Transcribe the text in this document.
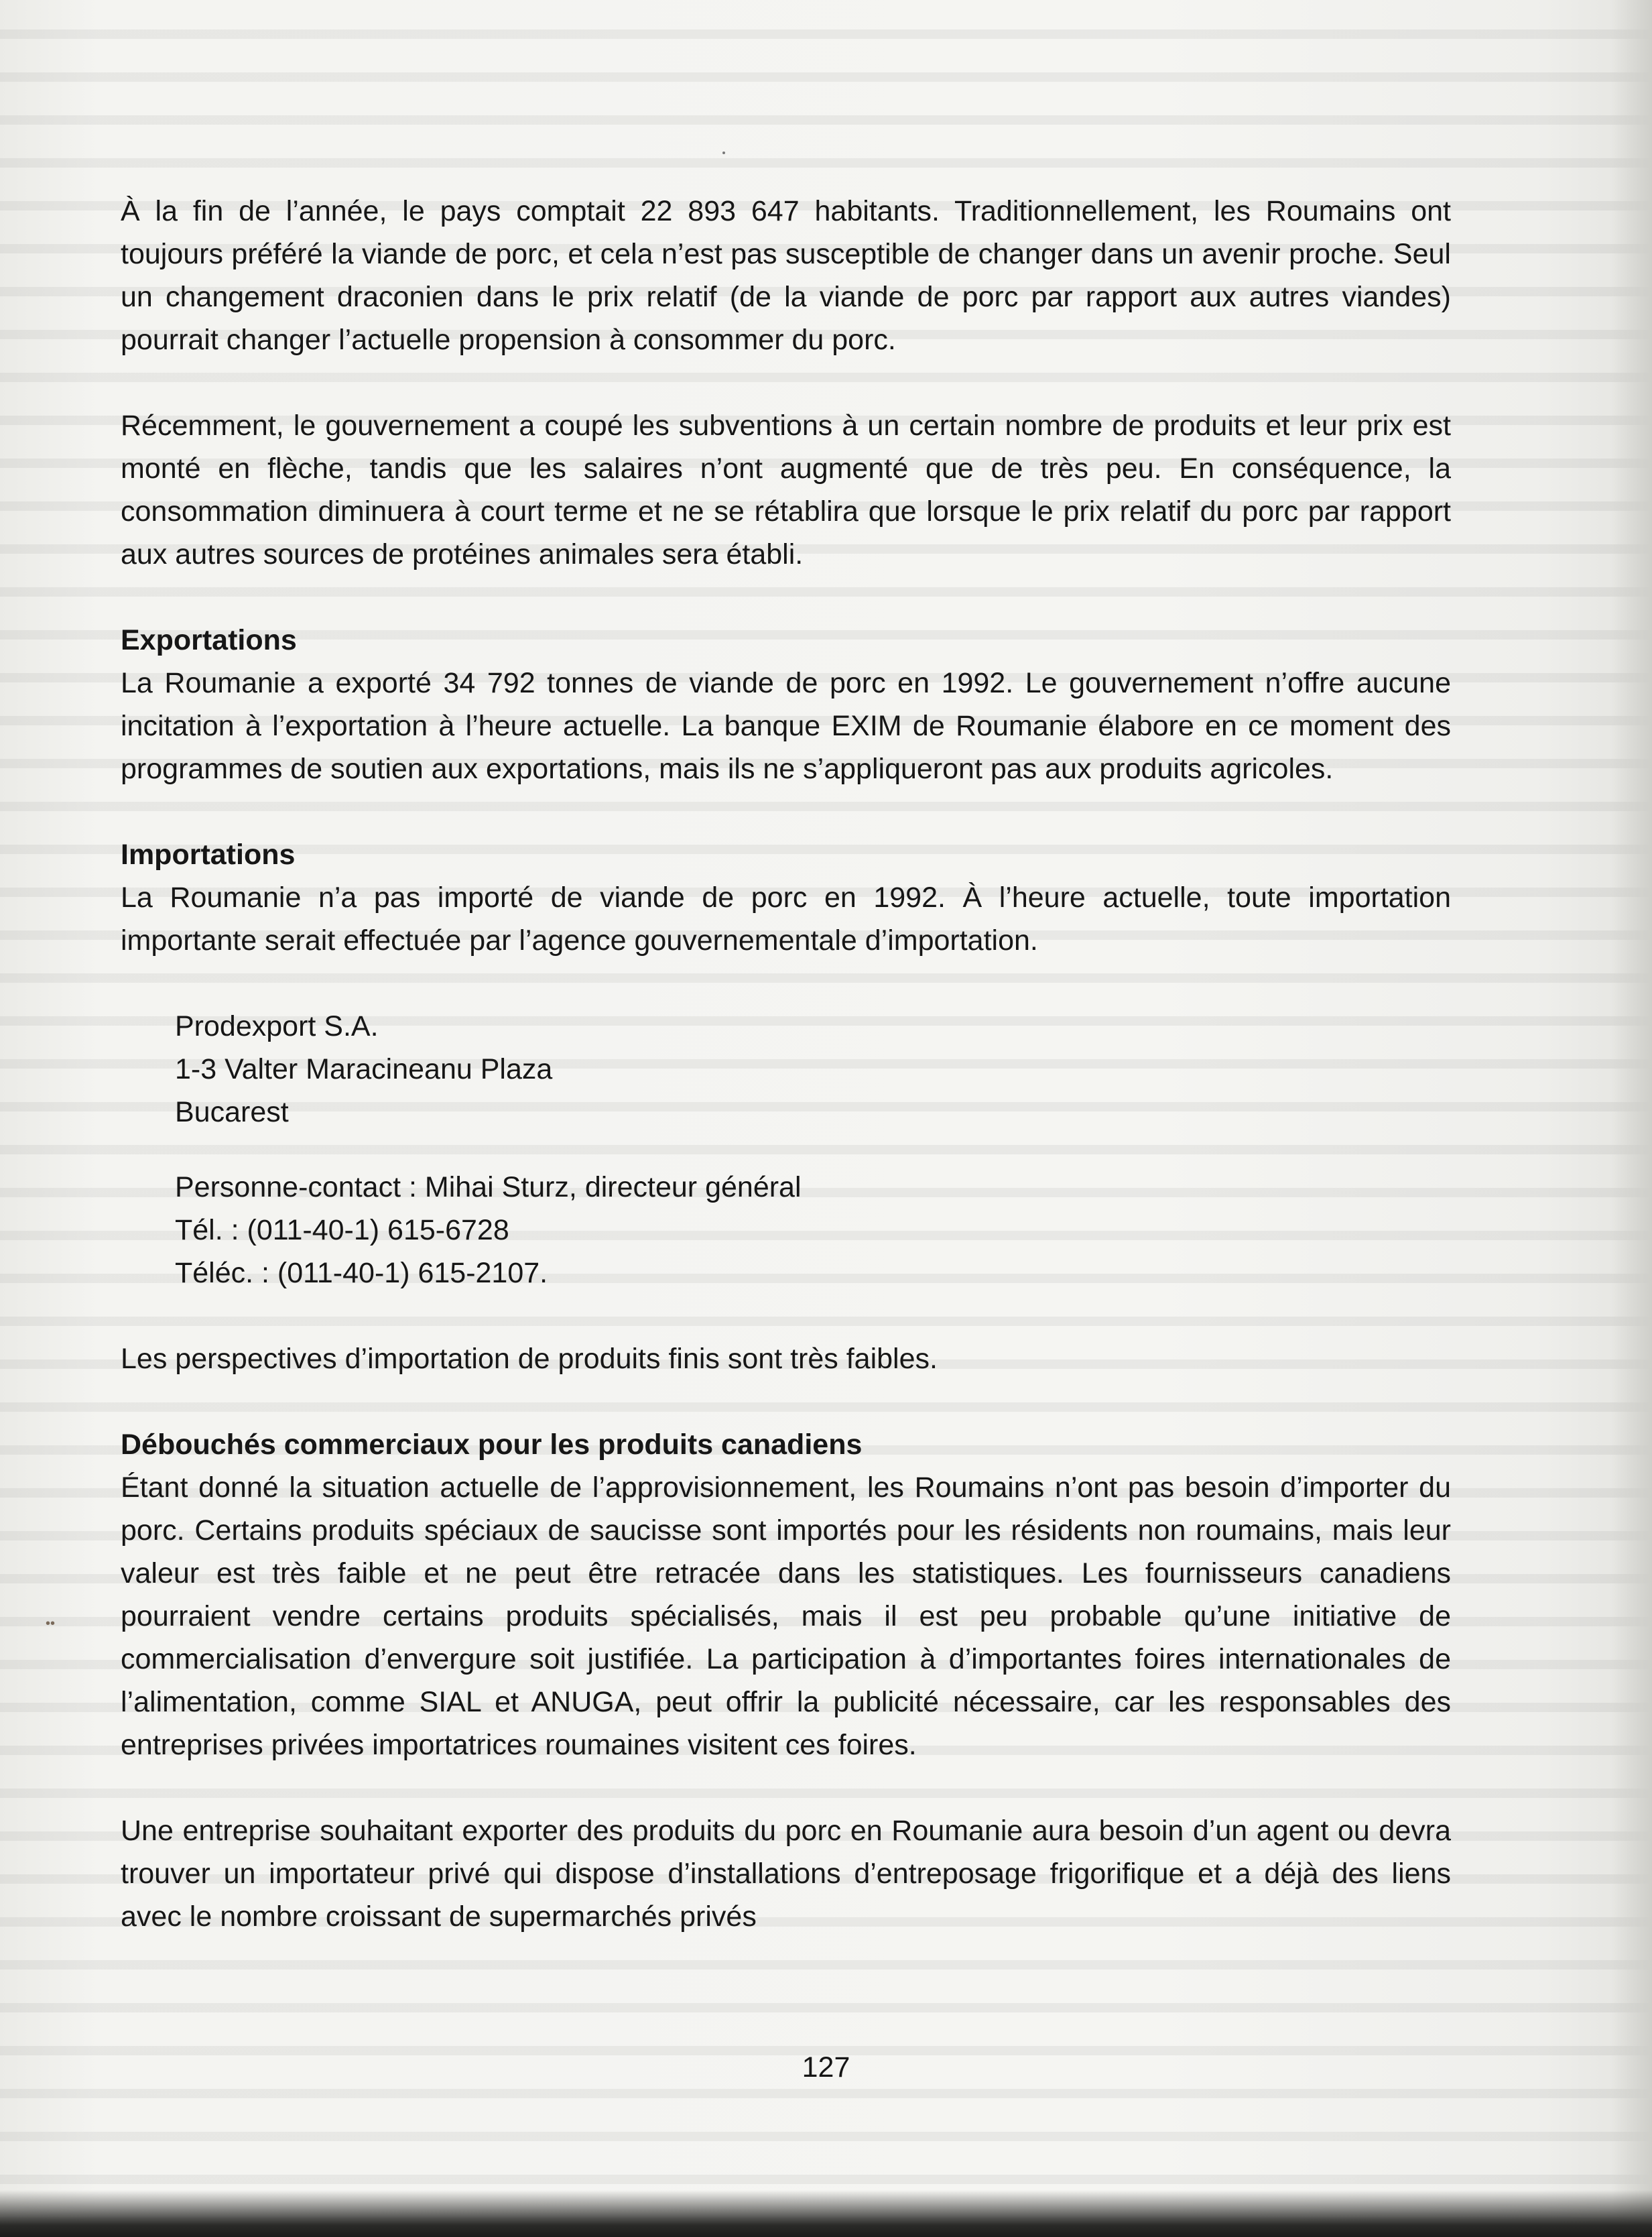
••

À la fin de l’année, le pays comptait 22 893 647 habitants. Traditionnellement, les Roumains ont toujours préféré la viande de porc, et cela n’est pas susceptible de changer dans un avenir proche. Seul un changement draconien dans le prix relatif (de la viande de porc par rapport aux autres viandes) pourrait changer l’actuelle propension à consommer du porc.

Récemment, le gouvernement a coupé les subventions à un certain nombre de produits et leur prix est monté en flèche, tandis que les salaires n’ont augmenté que de très peu. En conséquence, la consommation diminuera à court terme et ne se rétablira que lorsque le prix relatif du porc par rapport aux autres sources de protéines animales sera établi.

Exportations

La Roumanie a exporté 34 792 tonnes de viande de porc en 1992. Le gouvernement n’offre aucune incitation à l’exportation à l’heure actuelle. La banque EXIM de Roumanie élabore en ce moment des programmes de soutien aux exportations, mais ils ne s’appliqueront pas aux produits agricoles.

Importations

La Roumanie n’a pas importé de viande de porc en 1992. À l’heure actuelle, toute importation importante serait effectuée par l’agence gouvernementale d’importation.

Prodexport S.A.
1-3 Valter Maracineanu Plaza
Bucarest
Personne-contact : Mihai Sturz, directeur général
Tél. : (011-40-1) 615-6728
Téléc. : (011-40-1) 615-2107.

Les perspectives d’importation de produits finis sont très faibles.

Débouchés commerciaux pour les produits canadiens

Étant donné la situation actuelle de l’approvisionnement, les Roumains n’ont pas besoin d’importer du porc. Certains produits spéciaux de saucisse sont importés pour les résidents non roumains, mais leur valeur est très faible et ne peut être retracée dans les statistiques. Les fournisseurs canadiens pourraient vendre certains produits spécialisés, mais il est peu probable qu’une initiative de commercialisation d’envergure soit justifiée. La participation à d’importantes foires internationales de l’alimentation, comme SIAL et ANUGA, peut offrir la publicité nécessaire, car les responsables des entreprises privées importatrices roumaines visitent ces foires.

Une entreprise souhaitant exporter des produits du porc en Roumanie aura besoin d’un agent ou devra trouver un importateur privé qui dispose d’installations d’entreposage frigorifique et a déjà des liens avec le nombre croissant de supermarchés privés

127
